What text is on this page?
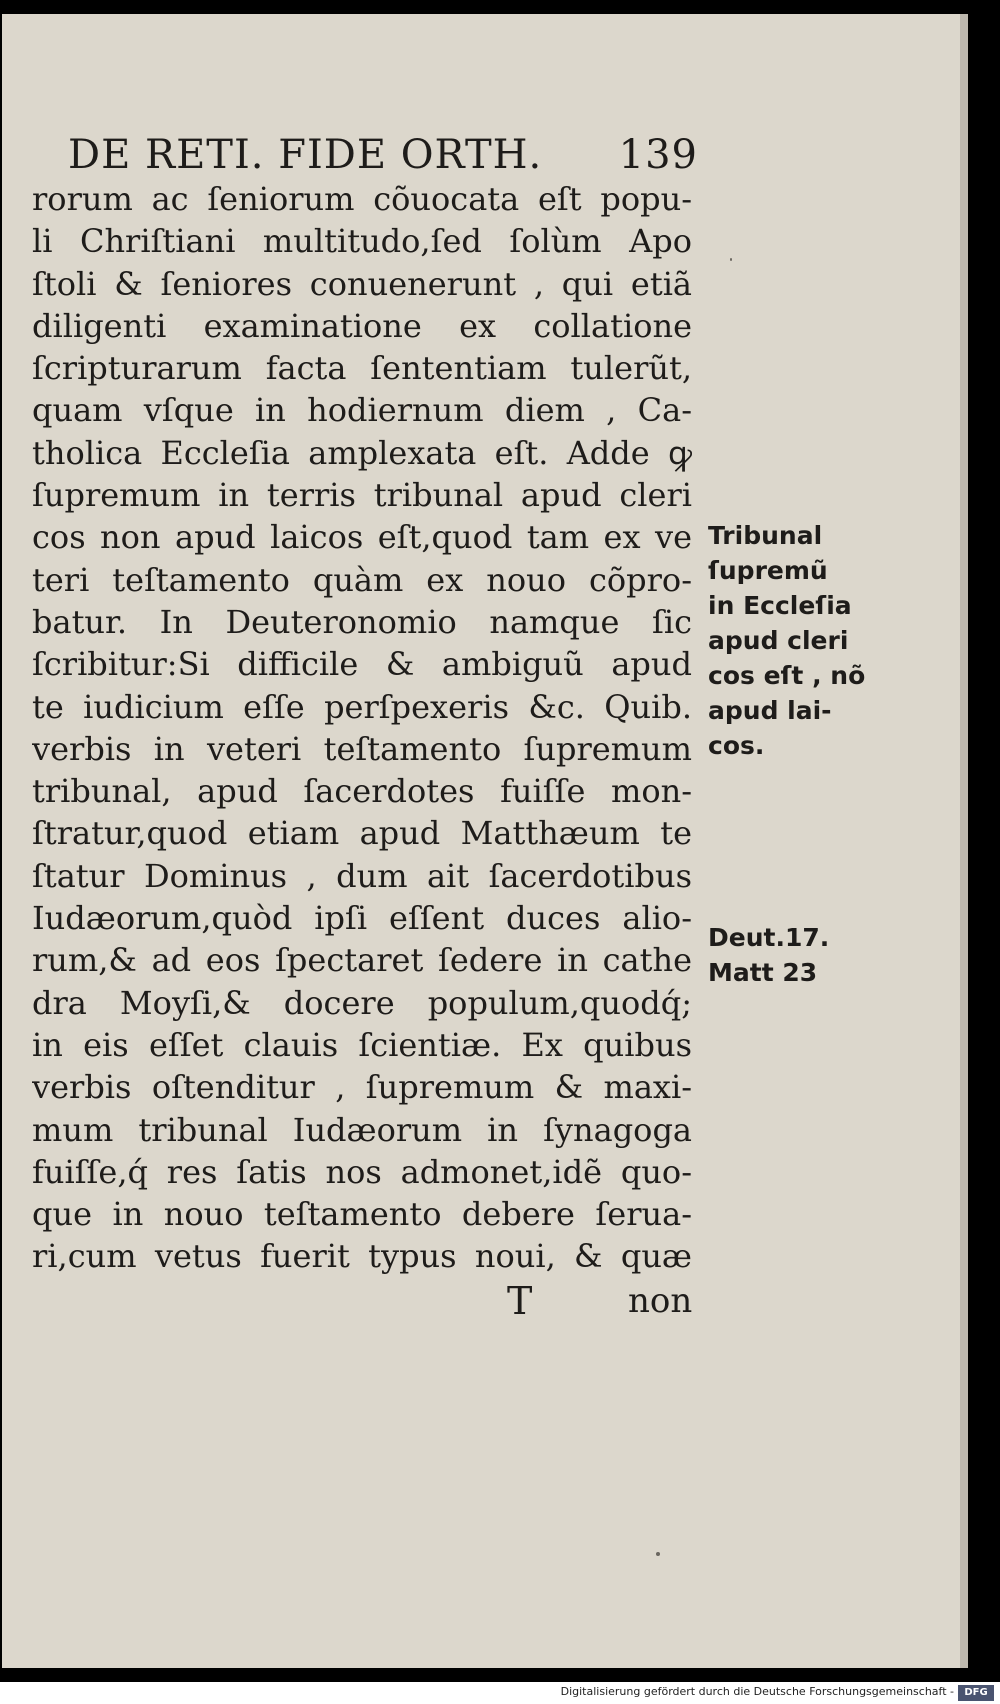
DE RETI. FIDE ORTH. 139
rorum ac ſeniorum cõuocata eſt popu-
li Chriſtiani multitudo,ſed ſolùm Apo
ſtoli & ſeniores conuenerunt , qui etiã
diligenti examinatione ex collatione
ſcripturarum facta ſententiam tulerũt,
quam vſque in hodiernum diem , Ca-
tholica Eccleſia amplexata eſt. Adde ꝙ
ſupremum in terris tribunal apud cleri
cos non apud laicos eſt,quod tam ex ve
teri teſtamento quàm ex nouo cõpro-
batur. In Deuteronomio namque ſic
ſcribitur:Si difficile & ambiguũ apud
te iudicium eſſe perſpexeris &c. Quib.
verbis in veteri teſtamento ſupremum
tribunal, apud ſacerdotes fuiſſe mon-
ſtratur,quod etiam apud Matthæum te
ſtatur Dominus , dum ait ſacerdotibus
Iudæorum,quòd ipſi eſſent duces alio-
rum,& ad eos ſpectaret ſedere in cathe
dra Moyſi,& docere populum,quodq́;
in eis eſſet clauis ſcientiæ. Ex quibus
verbis oſtenditur , ſupremum & maxi-
mum tribunal Iudæorum in ſynagoga
fuiſſe,q́ res ſatis nos admonet,idẽ quo-
que in nouo teſtamento debere ſerua-
ri,cum vetus fuerit typus noui, & quæ
T	non
Tribunal
ſupremũ
in Eccleſia
apud cleri
cos eſt , nõ
apud lai-
cos.
Deut.17.
Matt 23
Digitalisierung gefördert durch die Deutsche Forschungsgemeinschaft -	DFG
